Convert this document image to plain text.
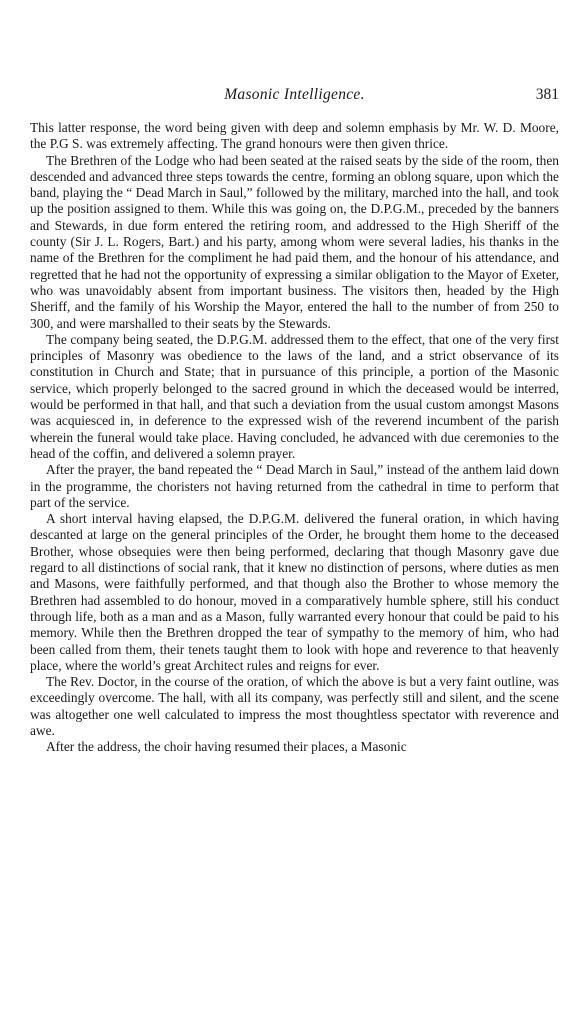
Masonic Intelligence.	381

This latter response, the word being given with deep and solemn emphasis by Mr. W. D. Moore, the P.G S. was extremely affecting. The grand honours were then given thrice.

The Brethren of the Lodge who had been seated at the raised seats by the side of the room, then descended and advanced three steps towards the centre, forming an oblong square, upon which the band, playing the “ Dead March in Saul,” followed by the military, marched into the hall, and took up the position assigned to them. While this was going on, the D.P.G.M., preceded by the banners and Stewards, in due form entered the retiring room, and addressed to the High Sheriff of the county (Sir J. L. Rogers, Bart.) and his party, among whom were several ladies, his thanks in the name of the Brethren for the compliment he had paid them, and the honour of his attendance, and regretted that he had not the opportunity of expressing a similar obligation to the Mayor of Exeter, who was unavoidably absent from important business. The visitors then, headed by the High Sheriff, and the family of his Worship the Mayor, entered the hall to the number of from 250 to 300, and were marshalled to their seats by the Stewards.

The company being seated, the D.P.G.M. addressed them to the effect, that one of the very first principles of Masonry was obedience to the laws of the land, and a strict observance of its constitution in Church and State; that in pursuance of this principle, a portion of the Masonic service, which properly belonged to the sacred ground in which the deceased would be interred, would be performed in that hall, and that such a deviation from the usual custom amongst Masons was acquiesced in, in deference to the expressed wish of the reverend incumbent of the parish wherein the funeral would take place. Having concluded, he advanced with due ceremonies to the head of the coffin, and delivered a solemn prayer.

After the prayer, the band repeated the “ Dead March in Saul,” instead of the anthem laid down in the programme, the choristers not having returned from the cathedral in time to perform that part of the service.

A short interval having elapsed, the D.P.G.M. delivered the funeral oration, in which having descanted at large on the general principles of the Order, he brought them home to the deceased Brother, whose obsequies were then being performed, declaring that though Masonry gave due regard to all distinctions of social rank, that it knew no distinction of persons, where duties as men and Masons, were faithfully performed, and that though also the Brother to whose memory the Brethren had assembled to do honour, moved in a comparatively humble sphere, still his conduct through life, both as a man and as a Mason, fully warranted every honour that could be paid to his memory. While then the Brethren dropped the tear of sympathy to the memory of him, who had been called from them, their tenets taught them to look with hope and reverence to that heavenly place, where the world’s great Architect rules and reigns for ever.

The Rev. Doctor, in the course of the oration, of which the above is but a very faint outline, was exceedingly overcome. The hall, with all its company, was perfectly still and silent, and the scene was altogether one well calculated to impress the most thoughtless spectator with reverence and awe.

After the address, the choir having resumed their places, a Masonic
